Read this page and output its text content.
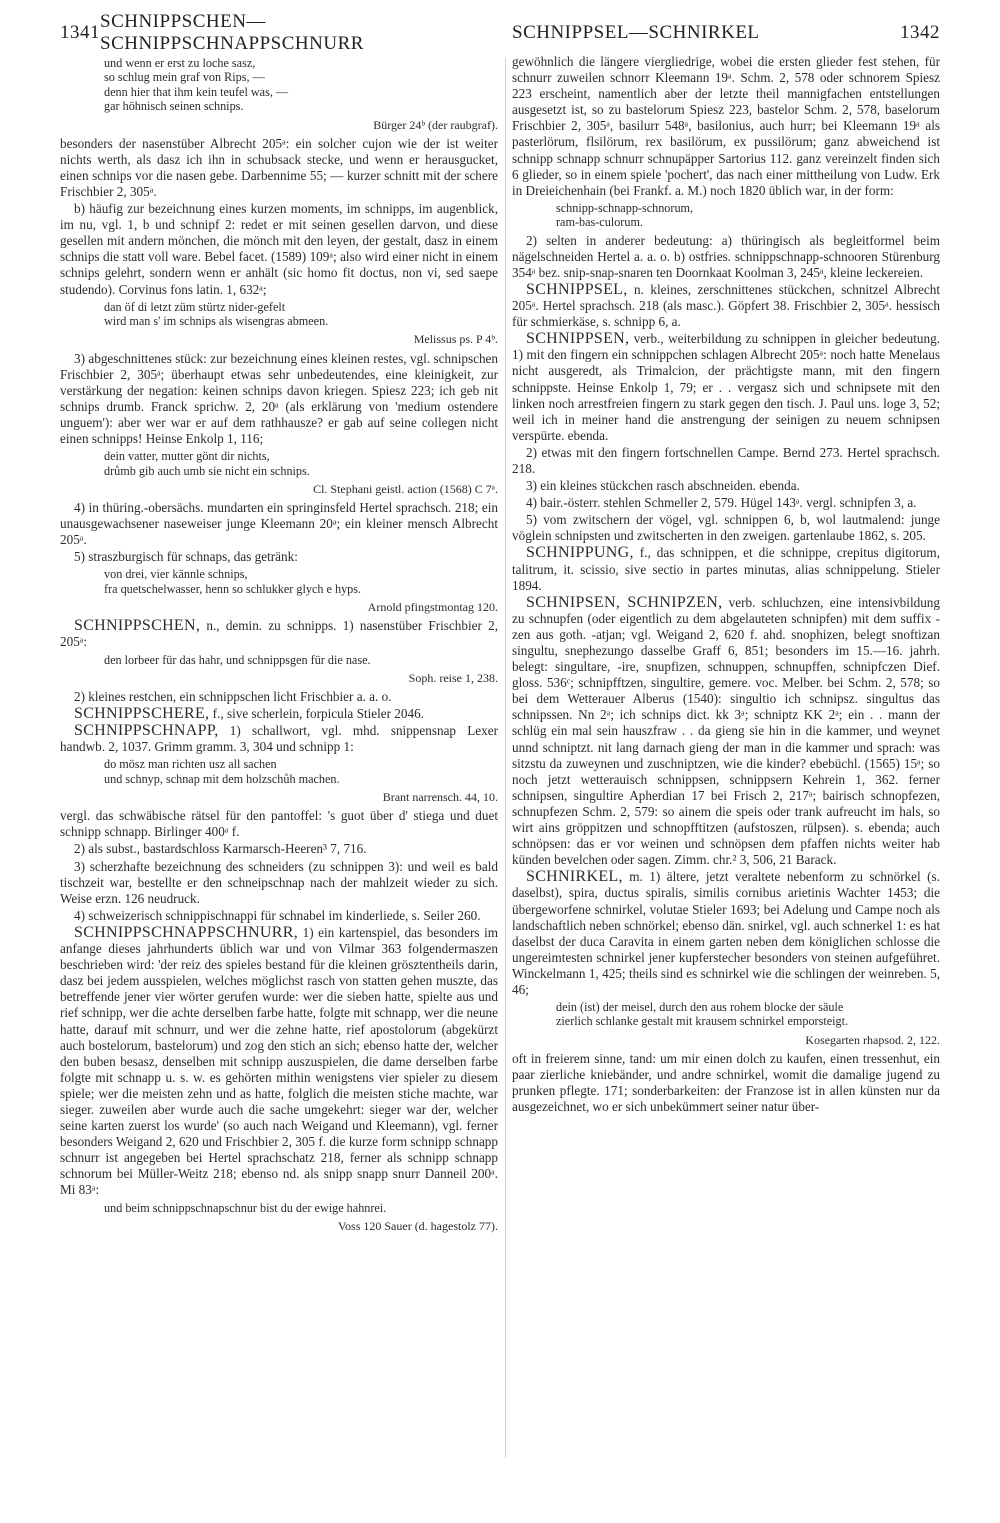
1341
SCHNIPPSCHEN—SCHNIPPSCHNAPPSCHNURR
SCHNIPPSEL—SCHNIRKEL	1342
und wenn er erst zu loche sasz,
so schlug mein graf von Rips, —
denn hier that ihm kein teufel was, —
gar höhnisch seinen schnips.

Bürger 24ᵇ (der raubgraf).

besonders der nasenstüber Albrecht 205ᵃ: ein solcher cujon wie der ist weiter nichts werth, als dasz ich ihn in schubsack stecke, und wenn er herausgucket, einen schnips vor die nasen gebe. Darbennime 55; — kurzer schnitt mit der schere Frischbier 2, 305ᵃ.

b) häufig zur bezeichnung eines kurzen moments, im schnipps, im augenblick, im nu, vgl. 1, b und schnipf 2: redet er mit seinen gesellen darvon, und diese gesellen mit andern mönchen, die mönch mit den leyen, der gestalt, dasz in einem schnips die statt voll ware. Bebel facet. (1589) 109ᵃ; also wird einer nicht in einem schnips gelehrt, sondern wenn er anhält (sic homo fit doctus, non vi, sed saepe studendo). Corvinus fons latin. 1, 632ᵃ;

dan öf di letzt züm stürtz nider-gefelt
wird man s' im schnips als wisengras abmeen.

Melissus ps. P 4ᵇ.

3) abgeschnittenes stück: zur bezeichnung eines kleinen restes, vgl. schnipschen Frischbier 2, 305ᵃ; überhaupt etwas sehr unbedeutendes, eine kleinigkeit, zur verstärkung der negation: keinen schnips davon kriegen. Spiesz 223; ich geb nit schnips drumb. Franck sprichw. 2, 20ᵃ (als erklärung von 'medium ostendere unguem'): aber wer war er auf dem rathhausze? er gab auf seine collegen nicht einen schnipps! Heinse Enkolp 1, 116;

dein vatter, mutter gönt dir nichts,
drůmb gib auch umb sie nicht ein schnips.

Cl. Stephani geistl. action (1568) C 7ᵃ.

4) in thüring.-obersächs. mundarten ein springinsfeld Hertel sprachsch. 218; ein unausgewachsener naseweiser junge Kleemann 20ᵃ; ein kleiner mensch Albrecht 205ᵃ.

5) straszburgisch für schnaps, das getränk:

von drei, vier kännle schnips,
fra quetschelwasser, henn so schlukker glych e hyps.

Arnold pfingstmontag 120.

SCHNIPPSCHEN, n., demin. zu schnipps. 1) nasenstüber Frischbier 2, 205ᵃ:

den lorbeer für das hahr, und schnippsgen für die nase.

Soph. reise 1, 238.

2) kleines restchen, ein schnippschen licht Frischbier a. a. o.

SCHNIPPSCHERE, f., sive scherlein, forpicula Stieler 2046.

SCHNIPPSCHNAPP, 1) schallwort, vgl. mhd. snippensnap Lexer handwb. 2, 1037. Grimm gramm. 3, 304 und schnipp 1:

do mösz man richten usz all sachen
und schnyp, schnap mit dem holzschůh machen.

Brant narrensch. 44, 10.

vergl. das schwäbische rätsel für den pantoffel: 's guot über d' stiega und duet schnipp schnapp. Birlinger 400ᵃ f.

2) als subst., bastardschloss Karmarsch-Heeren³ 7, 716.

3) scherzhafte bezeichnung des schneiders (zu schnippen 3): und weil es bald tischzeit war, bestellte er den schneipschnap nach der mahlzeit wieder zu sich. Weise erzn. 126 neudruck.

4) schweizerisch schnippischnappi für schnabel im kinderliede, s. Seiler 260.

SCHNIPPSCHNAPPSCHNURR, 1) ein kartenspiel, das besonders im anfange dieses jahrhunderts üblich war und von Vilmar 363 folgendermaszen beschrieben wird: 'der reiz des spieles bestand für die kleinen grösztentheils darin, dasz bei jedem ausspielen, welches möglichst rasch von statten gehen muszte, das betreffende jener vier wörter gerufen wurde: wer die sieben hatte, spielte aus und rief schnipp, wer die achte derselben farbe hatte, folgte mit schnapp, wer die neune hatte, darauf mit schnurr, und wer die zehne hatte, rief apostolorum (abgekürzt auch bostelorum, bastelorum) und zog den stich an sich; ebenso hatte der, welcher den buben besasz, denselben mit schnipp auszuspielen, die dame derselben farbe folgte mit schnapp u. s. w. es gehörten mithin wenigstens vier spieler zu diesem spiele; wer die meisten zehn und as hatte, folglich die meisten stiche machte, war sieger. zuweilen aber wurde auch die sache umgekehrt: sieger war der, welcher seine karten zuerst los wurde' (so auch nach Weigand und Kleemann), vgl. ferner besonders Weigand 2, 620 und Frischbier 2, 305 f. die kurze form schnipp schnapp schnurr ist angegeben bei Hertel sprachschatz 218, ferner als schnipp schnapp schnorum bei Müller-Weitz 218; ebenso nd. als snipp snapp snurr Danneil 200ᵃ. Mi 83ᵃ:

und beim schnippschnapschnur bist du der ewige hahnrei.

Voss 120 Sauer (d. hagestolz 77).

gewöhnlich die längere viergliedrige, wobei die ersten glieder fest stehen, für schnurr zuweilen schnorr Kleemann 19ᵃ. Schm. 2, 578 oder schnorem Spiesz 223 erscheint, namentlich aber der letzte theil mannigfachen entstellungen ausgesetzt ist, so zu bastelorum Spiesz 223, bastelor Schm. 2, 578, baselorum Frischbier 2, 305ᵃ, basilurr 548ᵃ, basilonius, auch hurr; bei Kleemann 19ᵃ als pasterlörum, flsilörum, rex basilörum, ex pussilörum; ganz abweichend ist schnipp schnapp schnurr schnupäpper Sartorius 112. ganz vereinzelt finden sich 6 glieder, so in einem spiele 'pochert', das nach einer mittheilung von Ludw. Erk in Dreieichenhain (bei Frankf. a. M.) noch 1820 üblich war, in der form:

schnipp-schnapp-schnorum,
ram-bas-culorum.

2) selten in anderer bedeutung: a) thüringisch als begleitformel beim nägelschneiden Hertel a. a. o. b) ostfries. schnippschnapp-schnooren Stürenburg 354ᵃ bez. snip-snap-snaren ten Doornkaat Koolman 3, 245ᵃ, kleine leckereien.

SCHNIPPSEL, n. kleines, zerschnittenes stückchen, schnitzel Albrecht 205ᵃ. Hertel sprachsch. 218 (als masc.). Göpfert 38. Frischbier 2, 305ᵃ. hessisch für schmierkäse, s. schnipp 6, a.

SCHNIPPSEN, verb., weiterbildung zu schnippen in gleicher bedeutung. 1) mit den fingern ein schnippchen schlagen Albrecht 205ᵃ: noch hatte Menelaus nicht ausgeredt, als Trimalcion, der prächtigste mann, mit den fingern schnippste. Heinse Enkolp 1, 79; er . . vergasz sich und schnipsete mit den linken noch arrestfreien fingern zu stark gegen den tisch. J. Paul uns. loge 3, 52; weil ich in meiner hand die anstrengung der seinigen zu neuem schnipsen verspürte. ebenda.

2) etwas mit den fingern fortschnellen Campe. Bernd 273. Hertel sprachsch. 218.

3) ein kleines stückchen rasch abschneiden. ebenda.

4) bair.-österr. stehlen Schmeller 2, 579. Hügel 143ᵃ. vergl. schnipfen 3, a.

5) vom zwitschern der vögel, vgl. schnippen 6, b, wol lautmalend: junge vöglein schnipsten und zwitscherten in den zweigen. gartenlaube 1862, s. 205.

SCHNIPPUNG, f., das schnippen, et die schnippe, crepitus digitorum, talitrum, it. scissio, sive sectio in partes minutas, alias schnippelung. Stieler 1894.

SCHNIPSEN, SCHNIPZEN, verb. schluchzen, eine intensivbildung zu schnupfen (oder eigentlich zu dem abgelauteten schnipfen) mit dem suffix -zen aus goth. -atjan; vgl. Weigand 2, 620 f. ahd. snophizen, belegt snoftizan singultu, snephezungo dasselbe Graff 6, 851; besonders im 15.—16. jahrh. belegt: singultare, -ire, snupfizen, schnuppen, schnupffen, schnipfczen Dief. gloss. 536ᶜ; schnipfftzen, singultire, gemere. voc. Melber. bei Schm. 2, 578; so bei dem Wetterauer Alberus (1540): singultio ich schnipsz. singultus das schnipssen. Nn 2ᵃ; ich schnips dict. kk 3ᵃ; schniptz KK 2ᵃ; ein . . mann der schlüg ein mal sein hauszfraw . . da gieng sie hin in die kammer, und weynet unnd schniptzt. nit lang darnach gieng der man in die kammer und sprach: was sitzstu da zuweynen und zuschniptzen, wie die kinder? ebebüchl. (1565) 15ᵃ; so noch jetzt wetterauisch schnippsen, schnippsern Kehrein 1, 362. ferner schnipsen, singultire Apherdian 17 bei Frisch 2, 217ᵃ; bairisch schnopfezen, schnupfezen Schm. 2, 579: so ainem die speis oder trank aufreucht im hals, so wirt ains gröppitzen und schnopfftitzen (aufstoszen, rülpsen). s. ebenda; auch schnöpsen: das er vor weinen und schnöpsen dem pfaffen nichts weiter hab künden bevelchen oder sagen. Zimm. chr.² 3, 506, 21 Barack.

SCHNIRKEL, m. 1) ältere, jetzt veraltete nebenform zu schnörkel (s. daselbst), spira, ductus spiralis, similis cornibus arietinis Wachter 1453; die übergeworfene schnirkel, volutae Stieler 1693; bei Adelung und Campe noch als landschaftlich neben schnörkel; ebenso dän. snirkel, vgl. auch schnerkel 1: es hat daselbst der duca Caravita in einem garten neben dem königlichen schlosse die ungereimtesten schnirkel jener kupferstecher besonders von steinen aufgeführet. Winckelmann 1, 425; theils sind es schnirkel wie die schlingen der weinreben. 5, 46;

dein (ist) der meisel, durch den aus rohem blocke der säule
zierlich schlanke gestalt mit krausem schnirkel emporsteigt.

Kosegarten rhapsod. 2, 122.

oft in freierem sinne, tand: um mir einen dolch zu kaufen, einen tressenhut, ein paar zierliche kniebänder, und andre schnirkel, womit die damalige jugend zu prunken pflegte. 171; sonderbarkeiten: der Franzose ist in allen künsten nur da ausgezeichnet, wo er sich unbekümmert seiner natur über-
